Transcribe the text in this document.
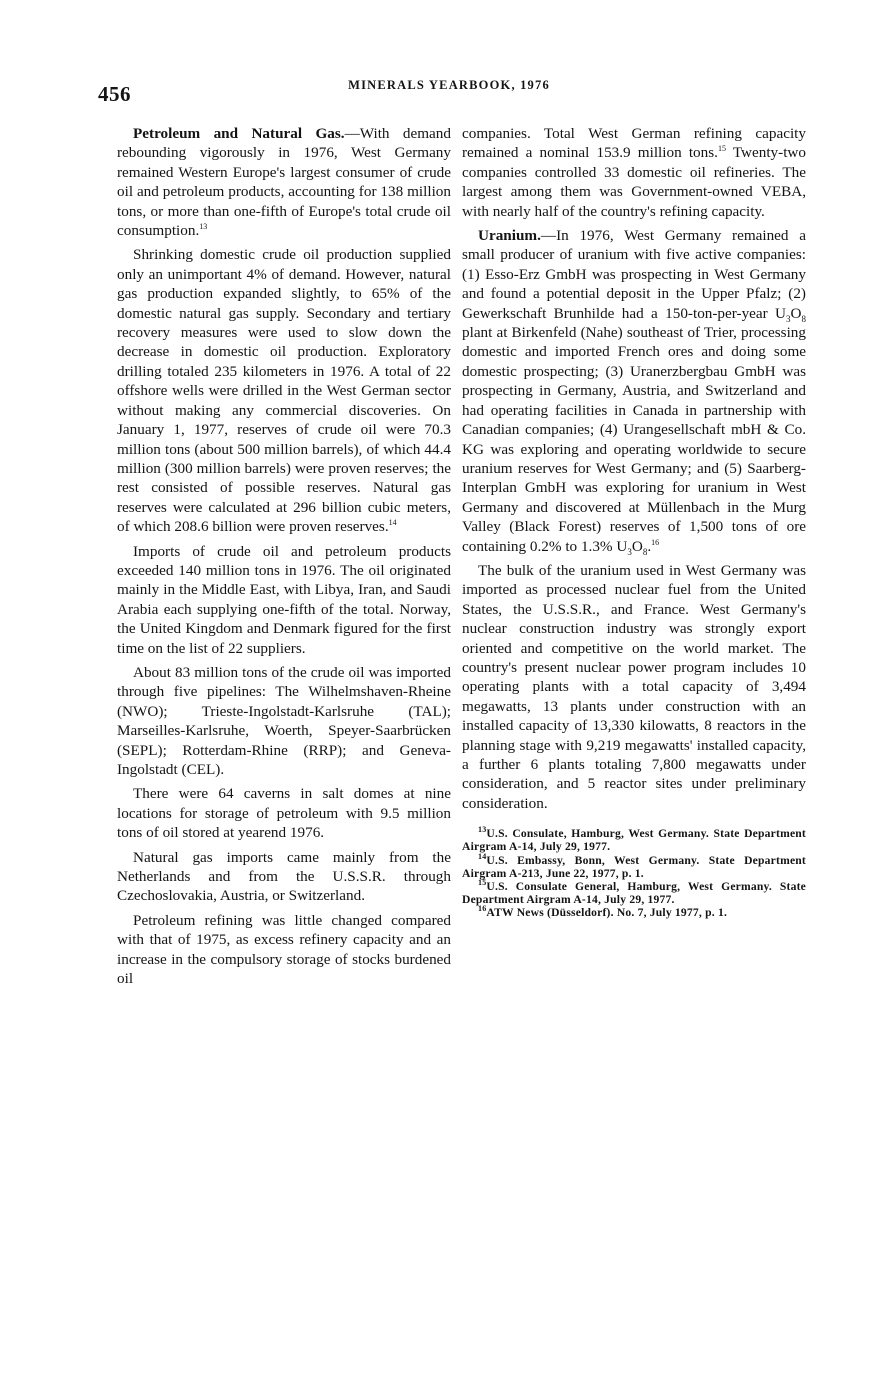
456	MINERALS YEARBOOK, 1976

Petroleum and Natural Gas.—With demand rebounding vigorously in 1976, West Germany remained Western Europe's largest consumer of crude oil and petroleum products, accounting for 138 million tons, or more than one-fifth of Europe's total crude oil consumption.$^{13}$

Shrinking domestic crude oil production supplied only an unimportant 4% of demand. However, natural gas production expanded slightly, to 65% of the domestic natural gas supply. Secondary and tertiary recovery measures were used to slow down the decrease in domestic oil production. Exploratory drilling totaled 235 kilometers in 1976. A total of 22 offshore wells were drilled in the West German sector without making any commercial discoveries. On January 1, 1977, reserves of crude oil were 70.3 million tons (about 500 million barrels), of which 44.4 million (300 million barrels) were proven reserves; the rest consisted of possible reserves. Natural gas reserves were calculated at 296 billion cubic meters, of which 208.6 billion were proven reserves.$^{14}$

Imports of crude oil and petroleum products exceeded 140 million tons in 1976. The oil originated mainly in the Middle East, with Libya, Iran, and Saudi Arabia each supplying one-fifth of the total. Norway, the United Kingdom and Denmark figured for the first time on the list of 22 suppliers.

About 83 million tons of the crude oil was imported through five pipelines: The Wilhelmshaven-Rheine (NWO); Trieste-Ingolstadt-Karlsruhe (TAL); Marseilles-Karlsruhe, Woerth, Speyer-Saarbrücken (SEPL); Rotterdam-Rhine (RRP); and Geneva-Ingolstadt (CEL).

There were 64 caverns in salt domes at nine locations for storage of petroleum with 9.5 million tons of oil stored at yearend 1976.

Natural gas imports came mainly from the Netherlands and from the U.S.S.R. through Czechoslovakia, Austria, or Switzerland.

Petroleum refining was little changed compared with that of 1975, as excess refinery capacity and an increase in the compulsory storage of stocks burdened oil

companies. Total West German refining capacity remained a nominal 153.9 million tons.$^{15}$ Twenty-two companies controlled 33 domestic oil refineries. The largest among them was Government-owned VEBA, with nearly half of the country's refining capacity.

Uranium.—In 1976, West Germany remained a small producer of uranium with five active companies: (1) Esso-Erz GmbH was prospecting in West Germany and found a potential deposit in the Upper Pfalz; (2) Gewerkschaft Brunhilde had a 150-ton-per-year $U_3O_8$ plant at Birkenfeld (Nahe) southeast of Trier, processing domestic and imported French ores and doing some domestic prospecting; (3) Uranerzbergbau GmbH was prospecting in Germany, Austria, and Switzerland and had operating facilities in Canada in partnership with Canadian companies; (4) Urangesellschaft mbH & Co. KG was exploring and operating worldwide to secure uranium reserves for West Germany; and (5) Saarberg-Interplan GmbH was exploring for uranium in West Germany and discovered at Müllenbach in the Murg Valley (Black Forest) reserves of 1,500 tons of ore containing 0.2% to 1.3% $U_3O_8.^{16}$

The bulk of the uranium used in West Germany was imported as processed nuclear fuel from the United States, the U.S.S.R., and France. West Germany's nuclear construction industry was strongly export oriented and competitive on the world market. The country's present nuclear power program includes 10 operating plants with a total capacity of 3,494 megawatts, 13 plants under construction with an installed capacity of 13,330 kilowatts, 8 reactors in the planning stage with 9,219 megawatts' installed capacity, a further 6 plants totaling 7,800 megawatts under consideration, and 5 reactor sites under preliminary consideration.

$^{13}$U.S. Consulate, Hamburg, West Germany. State Department Airgram A-14, July 29, 1977.
$^{14}$U.S. Embassy, Bonn, West Germany. State Department Airgram A-213, June 22, 1977, p. 1.
$^{15}$U.S. Consulate General, Hamburg, West Germany. State Department Airgram A-14, July 29, 1977.
$^{16}$ATW News (Düsseldorf). No. 7, July 1977, p. 1.
